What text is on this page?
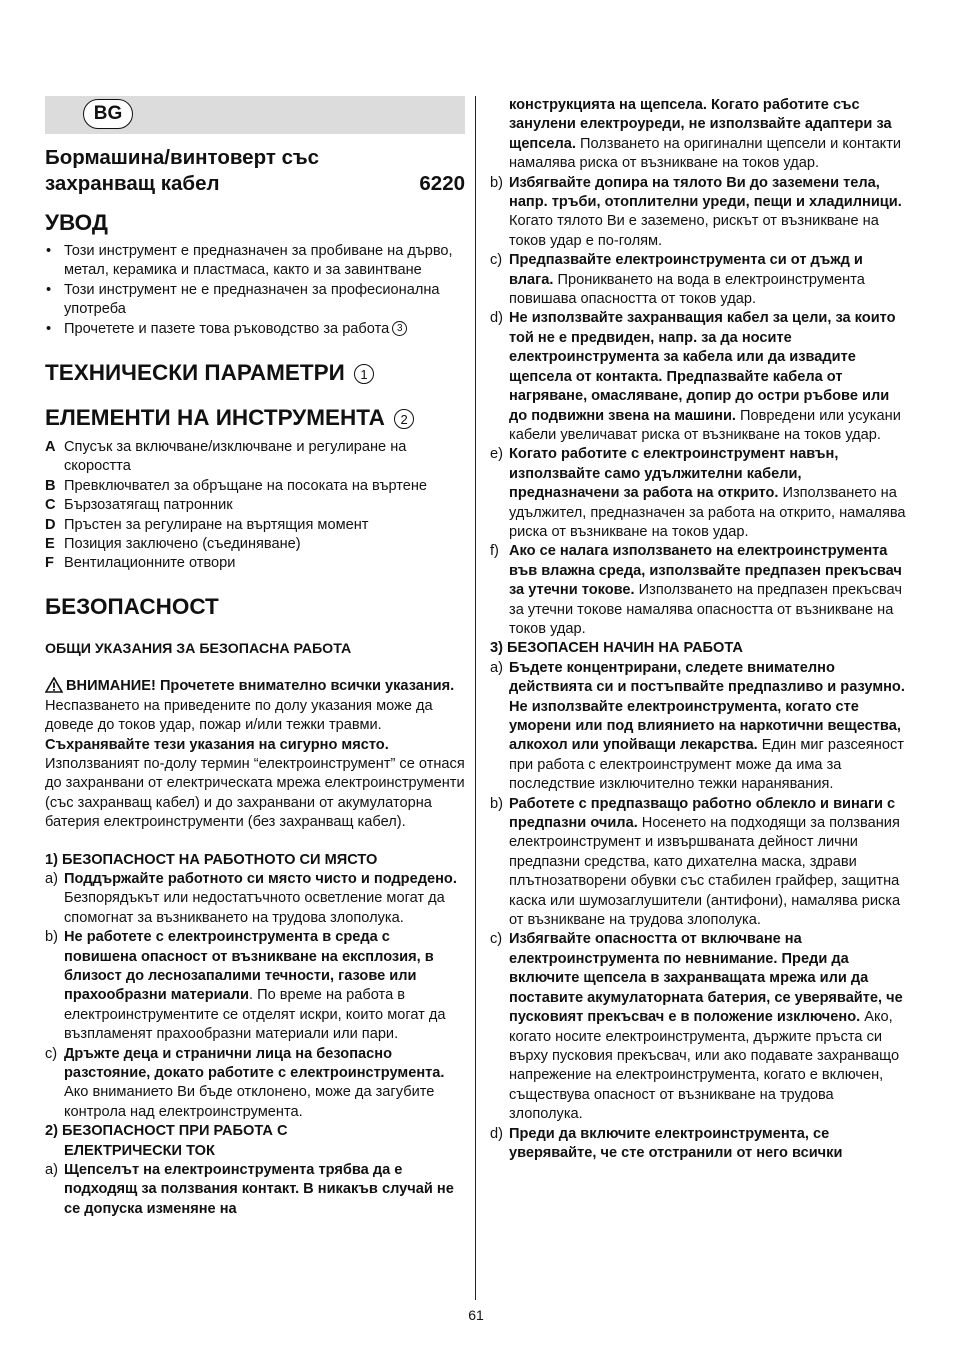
BG
Бормашина/винтоверт със
захранващ кабел	6220
УВОД
• Този инструмент е предназначен за пробиване на дърво, метал, керамика и пластмаса, както и за завинтване
• Този инструмент не е предназначен за професионална употреба
• Прочетете и пазете това ръководство за работа 3
ТЕХНИЧЕСКИ ПАРАМЕТРИ 1
ЕЛЕМЕНТИ НА ИНСТРУМЕНТА 2
A Спусък за включване/изключване и регулиране на скоростта
B Превключвател за обръщане на посоката на въртене
C Бързозатягащ патронник
D Пръстен за регулиране на въртящия момент
E Позиция заключено (съединяване)
F Вентилационните отвори
БЕЗОПАСНОСТ
ОБЩИ УКАЗАНИЯ ЗА БЕЗОПАСНА РАБОТА

ВНИМАНИЕ! Прочетете внимателно всички указания. Неспазването на приведените по долу указания може да доведе до токов удар, пожар и/или тежки травми. Съхранявайте тези указания на сигурно място. Използваният по-долу термин “електроинструмент” се отнася до захранвани от електрическата мрежа електроинструменти (със захранващ кабел) и до захранвани от акумулаторна батерия електроинструменти (без захранващ кабел).

1) БЕЗОПАСНОСТ НА РАБОТНОТО СИ МЯСТО
a) Поддържайте работното си място чисто и подредено. Безпорядъкът или недостатъчното осветление могат да спомогнат за възникването на трудова злополука.
b) Не работете с електроинструмента в среда с повишена опасност от възникване на експлозия, в близост до леснозапалими течности, газове или прахообразни материали. По време на работа в електроинструментите се отделят искри, които могат да възпламенят прахообразни материали или пари.
c) Дръжте деца и странични лица на безопасно разстояние, докато работите с електроинструмента. Ако вниманието Ви бъде отклонено, може да загубите контрола над електроинструмента.
2) БЕЗОПАСНОСТ ПРИ РАБОТА С
ЕЛЕКТРИЧЕСКИ ТОК
a) Щепселът на електроинструмента трябва да е подходящ за ползвания контакт. В никакъв случай не се допуска изменяне на
конструкцията на щепсела. Когато работите със занулени електроуреди, не използвайте адаптери за щепсела. Ползването на оригинални щепсели и контакти намалява риска от възникване на токов удар.
b) Избягвайте допира на тялото Ви до заземени тела, напр. тръби, отоплителни уреди, пещи и хладилници. Когато тялото Ви е заземено, рискът от възникване на токов удар е по-голям.
c) Предпазвайте електроинструмента си от дъжд и влага. Проникването на вода в електроинструмента повишава опасността от токов удар.
d) Не използвайте захранващия кабел за цели, за които той не е предвиден, напр. за да носите електроинструмента за кабела или да извадите щепсела от контакта. Предпазвайте кабела от нагряване, омасляване, допир до остри ръбове или до подвижни звена на машини. Повредени или усукани кабели увеличават риска от възникване на токов удар.
e) Когато работите с електроинструмент навън, използвайте само удължителни кабели, предназначени за работа на открито. Използването на удължител, предназначен за работа на открито, намалява риска от възникване на токов удар.
f) Ако се налага използването на електроинструмента във влажна среда, използвайте предпазен прекъсвач за утечни токове. Използването на предпазен прекъсвач за утечни токове намалява опасността от възникване на токов удар.
3) БЕЗОПАСЕН НАЧИН НА РАБОТА
a) Бъдете концентрирани, следете внимателно действията си и постъпвайте предпазливо и разумно. Не използвайте електроинструмента, когато сте уморени или под влиянието на наркотични вещества, алкохол или упойващи лекарства. Един миг разсеяност при работа с електроинструмент може да има за последствие изключително тежки наранявания.
b) Работете с предпазващо работно облекло и винаги с предпазни очила. Носенето на подходящи за ползвания електроинструмент и извършваната дейност лични предпазни средства, като дихателна маска, здрави плътнозатворени обувки със стабилен грайфер, защитна каска или шумозаглушители (антифони), намалява риска от възникване на трудова злополука.
c) Избягвайте опасността от включване на електроинструмента по невнимание. Преди да включите щепсела в захранващата мрежа или да поставите акумулаторната батерия, се уверявайте, че пусковият прекъсвач е в положение изключено. Ако, когато носите електроинструмента, държите пръста си върху пусковия прекъсвач, или ако подавате захранващо напрежение на електроинструмента, когато е включен, съществува опасност от възникване на трудова злополука.
d) Преди да включите електроинструмента, се уверявайте, че сте отстранили от него всички
61
